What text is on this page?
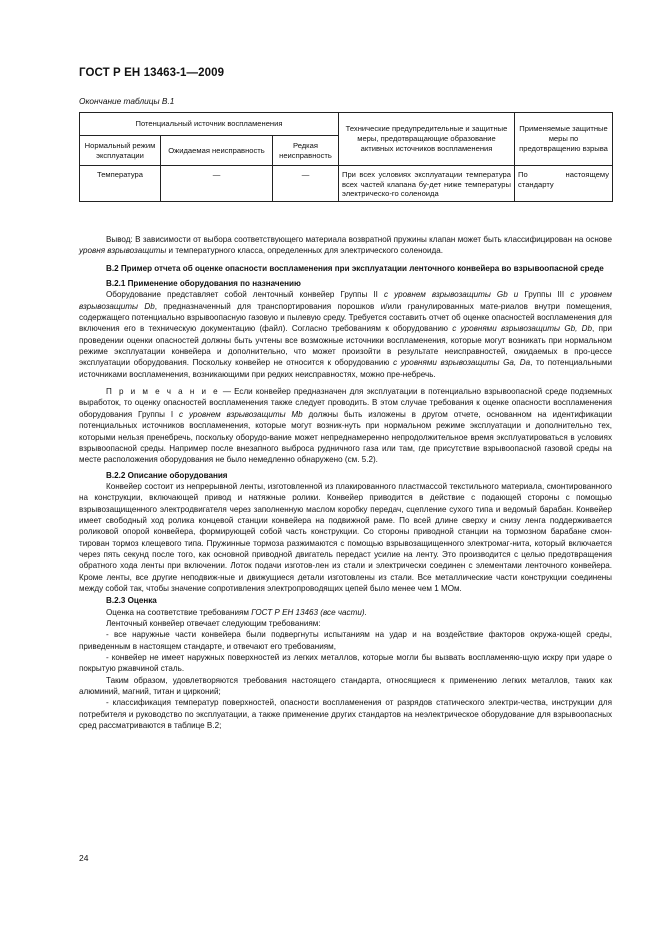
ГОСТ Р ЕН 13463-1—2009
Окончание таблицы В.1
Потенциальный источник воспламенения			Технические предупредительные и защитные меры, предотвращающие образование активных источников воспламенения	Применяемые защитные меры по предотвращению взрыва
Нормальный режим эксплуатации	Ожидаемая неисправность	Редкая неисправность		
Температура	—	—	При всех условиях эксплуатации температура всех частей клапана бу-дет ниже температуры электрическо-го соленоида	По настоящему стандарту

Вывод: В зависимости от выбора соответствующего материала возвратной пружины клапан может быть классифицирован на основе уровня взрывозащиты и температурного класса, определенных для электрического соленоида.

В.2 Пример отчета об оценке опасности воспламенения при эксплуатации ленточного конвейера во взрывоопасной среде
В.2.1 Применение оборудования по назначению

Оборудование представляет собой ленточный конвейер Группы II с уровнем взрывозащиты Gb и Группы III с уровнем взрывозащиты Db, предназначенный для транспортирования порошков и/или гранулированных мате-риалов внутри помещения, содержащего потенциально взрывоопасную газовую и пылевую среду. Требуется составить отчет об оценке опасностей воспламенения для включения его в техническую документацию (файл). Согласно требованиям к оборудованию с уровнями взрывозащиты Gb, Db, при проведении оценки опасностей должны быть учтены все возможные источники воспламенения, которые могут возникать при нормальном режиме эксплуатации конвейера и дополнительно, что может произойти в результате неисправностей, ожидаемых в про-цессе эксплуатации оборудования. Поскольку конвейер не относится к оборудованию с уровнями взрывозащиты Ga, Da, то потенциальными источниками воспламенения, возникающими при редких неисправностях, можно пре-небречь.

П р и м е ч а н и е — Если конвейер предназначен для эксплуатации в потенциально взрывоопасной среде подземных выработок, то оценку опасностей воспламенения также следует проводить. В этом случае требования к оценке опасности воспламенения оборудования Группы I с уровнем взрывозащиты Mb должны быть изложены в другом отчете, основанном на идентификации потенциальных источников воспламенения, которые могут возник-нуть при нормальном режиме эксплуатации и дополнительно тех, которыми нельзя пренебречь, поскольку оборудо-вание может непреднамеренно непродолжительное время эксплуатироваться в условиях взрывоопасной среды. Например после внезапного выброса рудничного газа или там, где присутствие взрывоопасной газовой среды на месте расположения оборудования не было немедленно обнаружено (см. 5.2).

В.2.2 Описание оборудования

Конвейер состоит из непрерывной ленты, изготовленной из плакированного пластмассой текстильного материала, смонтированного на конструкции, включающей привод и натяжные ролики. Конвейер приводится в действие с подающей стороны с помощью взрывозащищенного электродвигателя через заполненную маслом коробку передач, сцепление сухого типа и ведомый барабан. Конвейер имеет свободный ход ролика концевой станции конвейера на подвижной раме. По всей длине сверху и снизу ленга поддерживается роликовой опорой конвейера, формирующей собой часть конструкции. Со стороны приводной станции на тормозном барабане смон-тирован тормоз клещевого типа. Пружинные тормоза разжимаются с помощью взрывозащищенного электромаг-нита, который включается через пять секунд после того, как основной приводной двигатель передаст усилие на ленту. Это производится с целью предотвращения обратного хода ленты при включении. Лоток подачи изготов-лен из стали и электрически соединен с элементами ленточного конвейера. Кроме ленты, все другие неподвиж-ные и движущиеся детали изготовлены из стали. Все металлические части конструкции соединены между собой так, чтобы значение сопротивления электропроводящих цепей было менее чем 1 МОм.

В.2.3 Оценка

Оценка на соответствие требованиям ГОСТ Р ЕН 13463 (все части).

Ленточный конвейер отвечает следующим требованиям:

- все наружные части конвейера были подвергнуты испытаниям на удар и на воздействие факторов окружа-ющей среды, приведенным в настоящем стандарте, и отвечают его требованиям,

- конвейер не имеет наружных поверхностей из легких металлов, которые могли бы вызвать воспламеняю-щую искру при ударе о покрытую ржавчиной сталь.

Таким образом, удовлетворяются требования настоящего стандарта, относящиеся к применению легких металлов, таких как алюминий, магний, титан и цирконий;

- классификация температур поверхностей, опасности воспламенения от разрядов статического электри-чества, инструкции для потребителя и руководство по эксплуатации, а также применение других стандартов на неэлектрическое оборудование для взрывоопасных сред рассматриваются в таблице В.2;

24
